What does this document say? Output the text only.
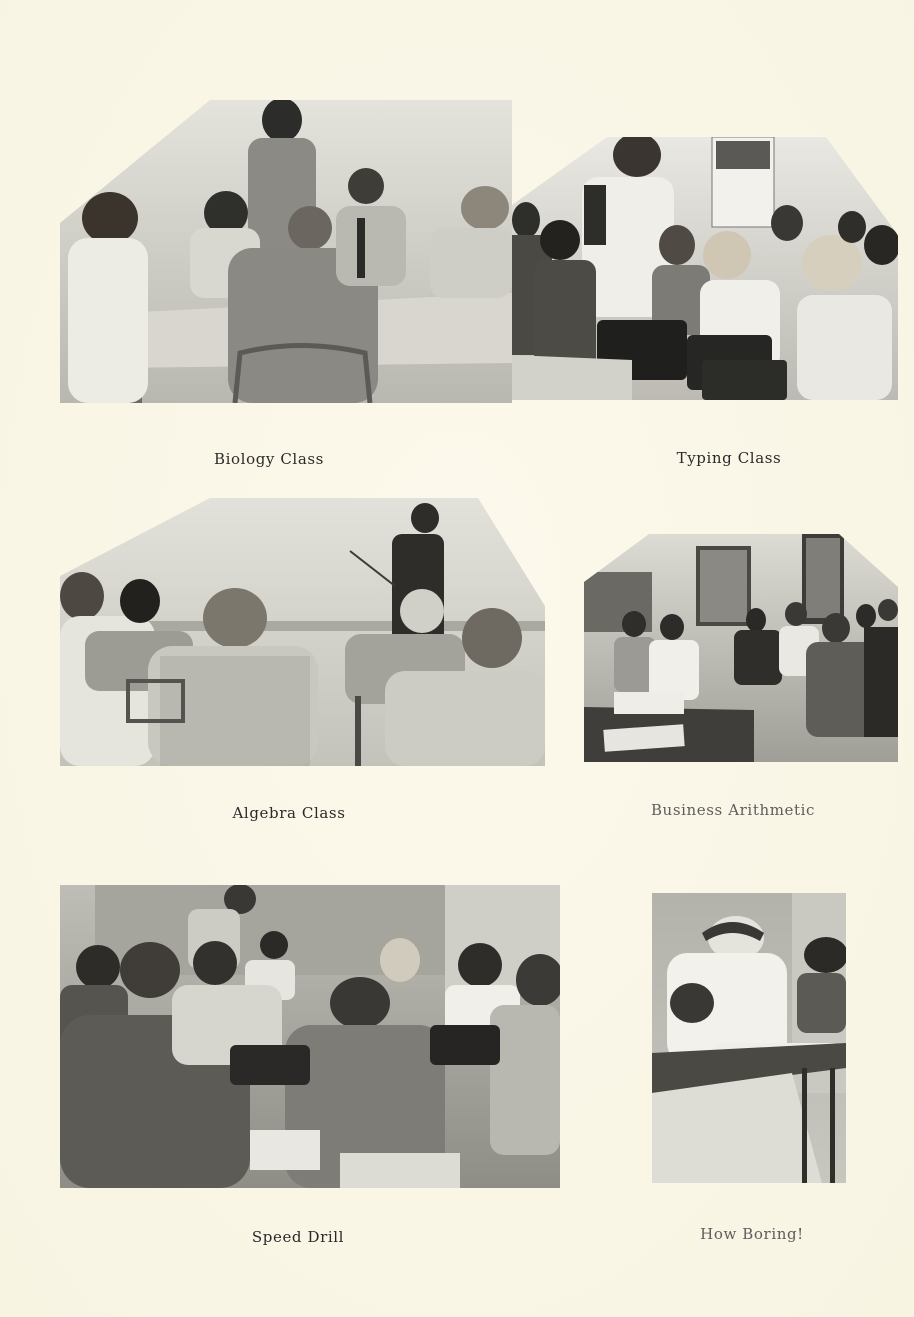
Biology Class	Typing Class
Algebra Class	Business Arithmetic
Speed Drill	How Boring!
